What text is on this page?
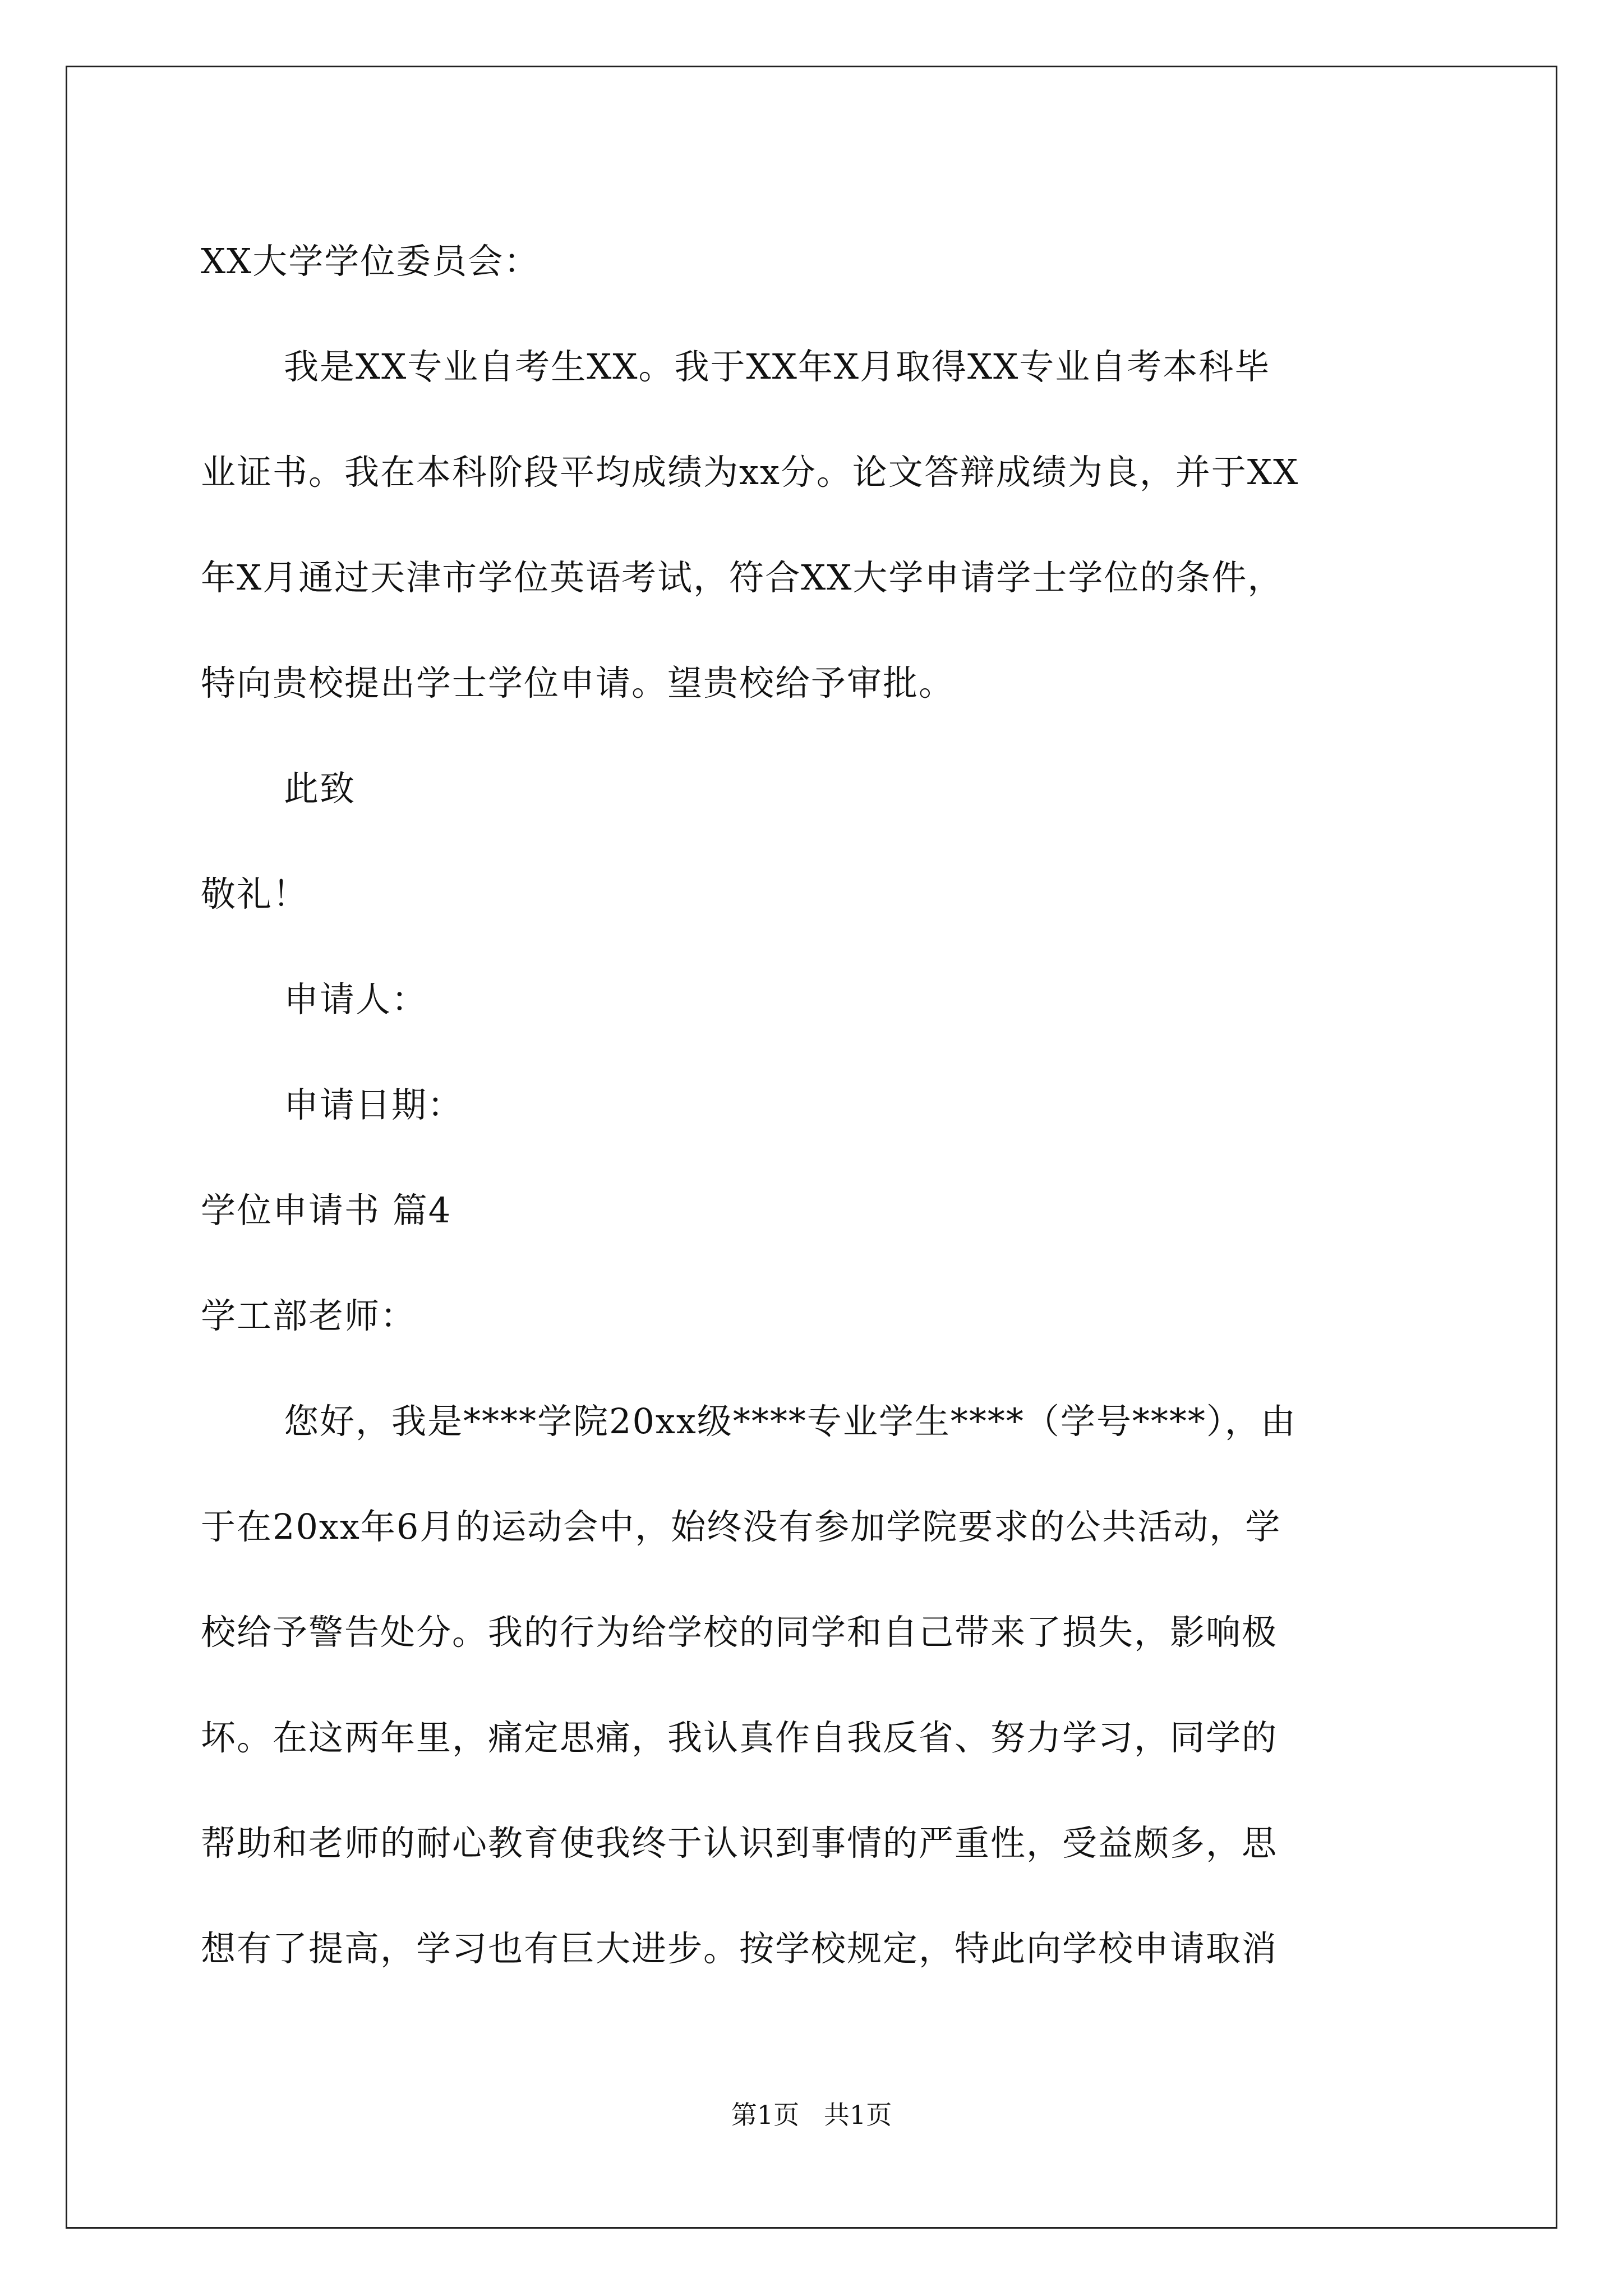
XX大学学位委员会：
我是XX专业自考生XX。我于XX年X月取得XX专业自考本科毕
业证书。我在本科阶段平均成绩为xx分。论文答辩成绩为良，并于XX
年X月通过天津市学位英语考试，符合XX大学申请学士学位的条件，
特向贵校提出学士学位申请。望贵校给予审批。
此致
敬礼！
申请人：
申请日期：
学位申请书 篇4
学工部老师：
您好，我是****学院20xx级****专业学生****（学号****），由
于在20xx年6月的运动会中，始终没有参加学院要求的公共活动，学
校给予警告处分。我的行为给学校的同学和自己带来了损失，影响极
坏。在这两年里，痛定思痛，我认真作自我反省、努力学习，同学的
帮助和老师的耐心教育使我终于认识到事情的严重性，受益颇多，思
想有了提高，学习也有巨大进步。按学校规定，特此向学校申请取消
第1页   共1页
